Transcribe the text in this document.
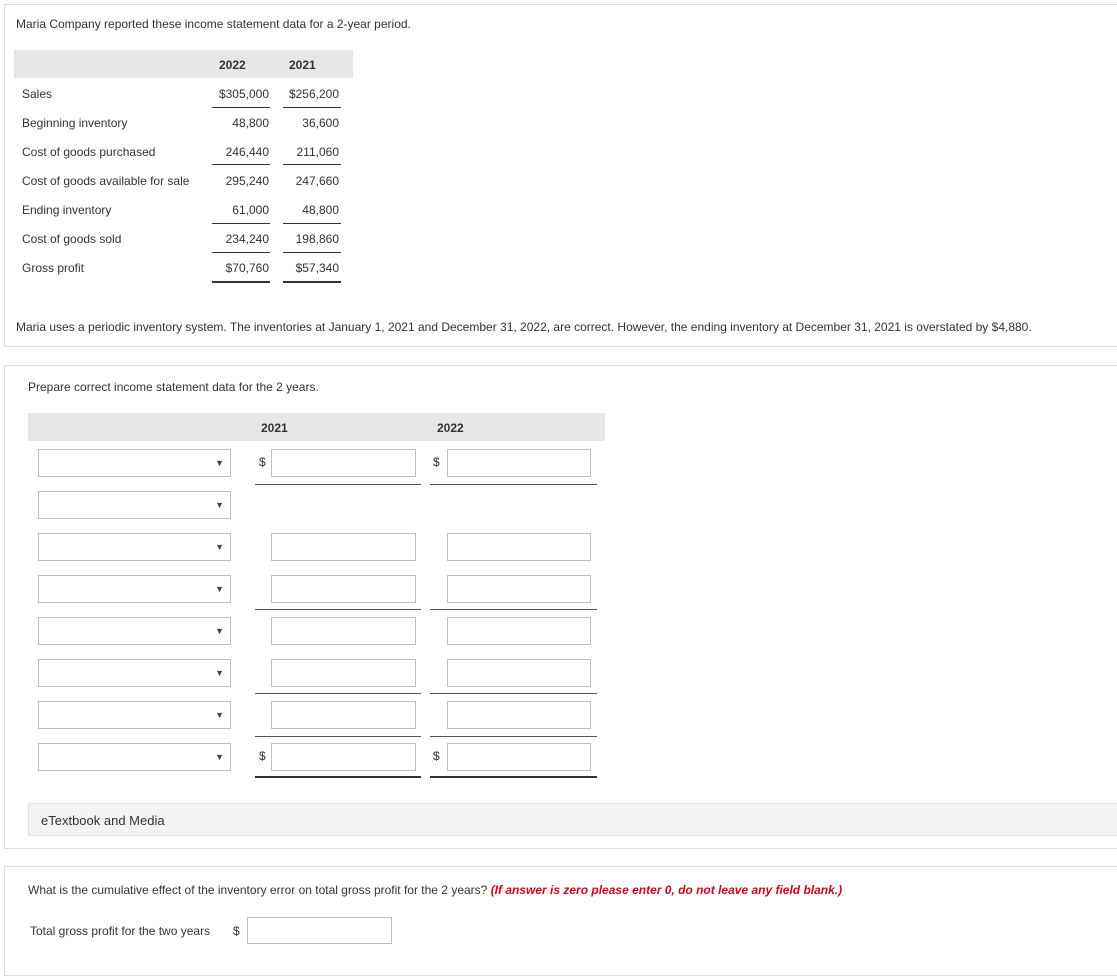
Maria Company reported these income statement data for a 2-year period.
2022	2021
Sales	$305,000	$256,200
Beginning inventory	48,800	36,600
Cost of goods purchased	246,440	211,060
Cost of goods available for sale	295,240	247,660
Ending inventory	61,000	48,800
Cost of goods sold	234,240	198,860
Gross profit	$70,760	$57,340
Maria uses a periodic inventory system. The inventories at January 1, 2021 and December 31, 2022, are correct. However, the ending inventory at December 31, 2021 is overstated by $4,880.
Prepare correct income statement data for the 2 years.
2021	2022
▼	$	$
▼
▼
▼
▼
▼
▼
▼	$	$
eTextbook and Media
What is the cumulative effect of the inventory error on total gross profit for the 2 years? (If answer is zero please enter 0, do not leave any field blank.)
Total gross profit for the two years $
